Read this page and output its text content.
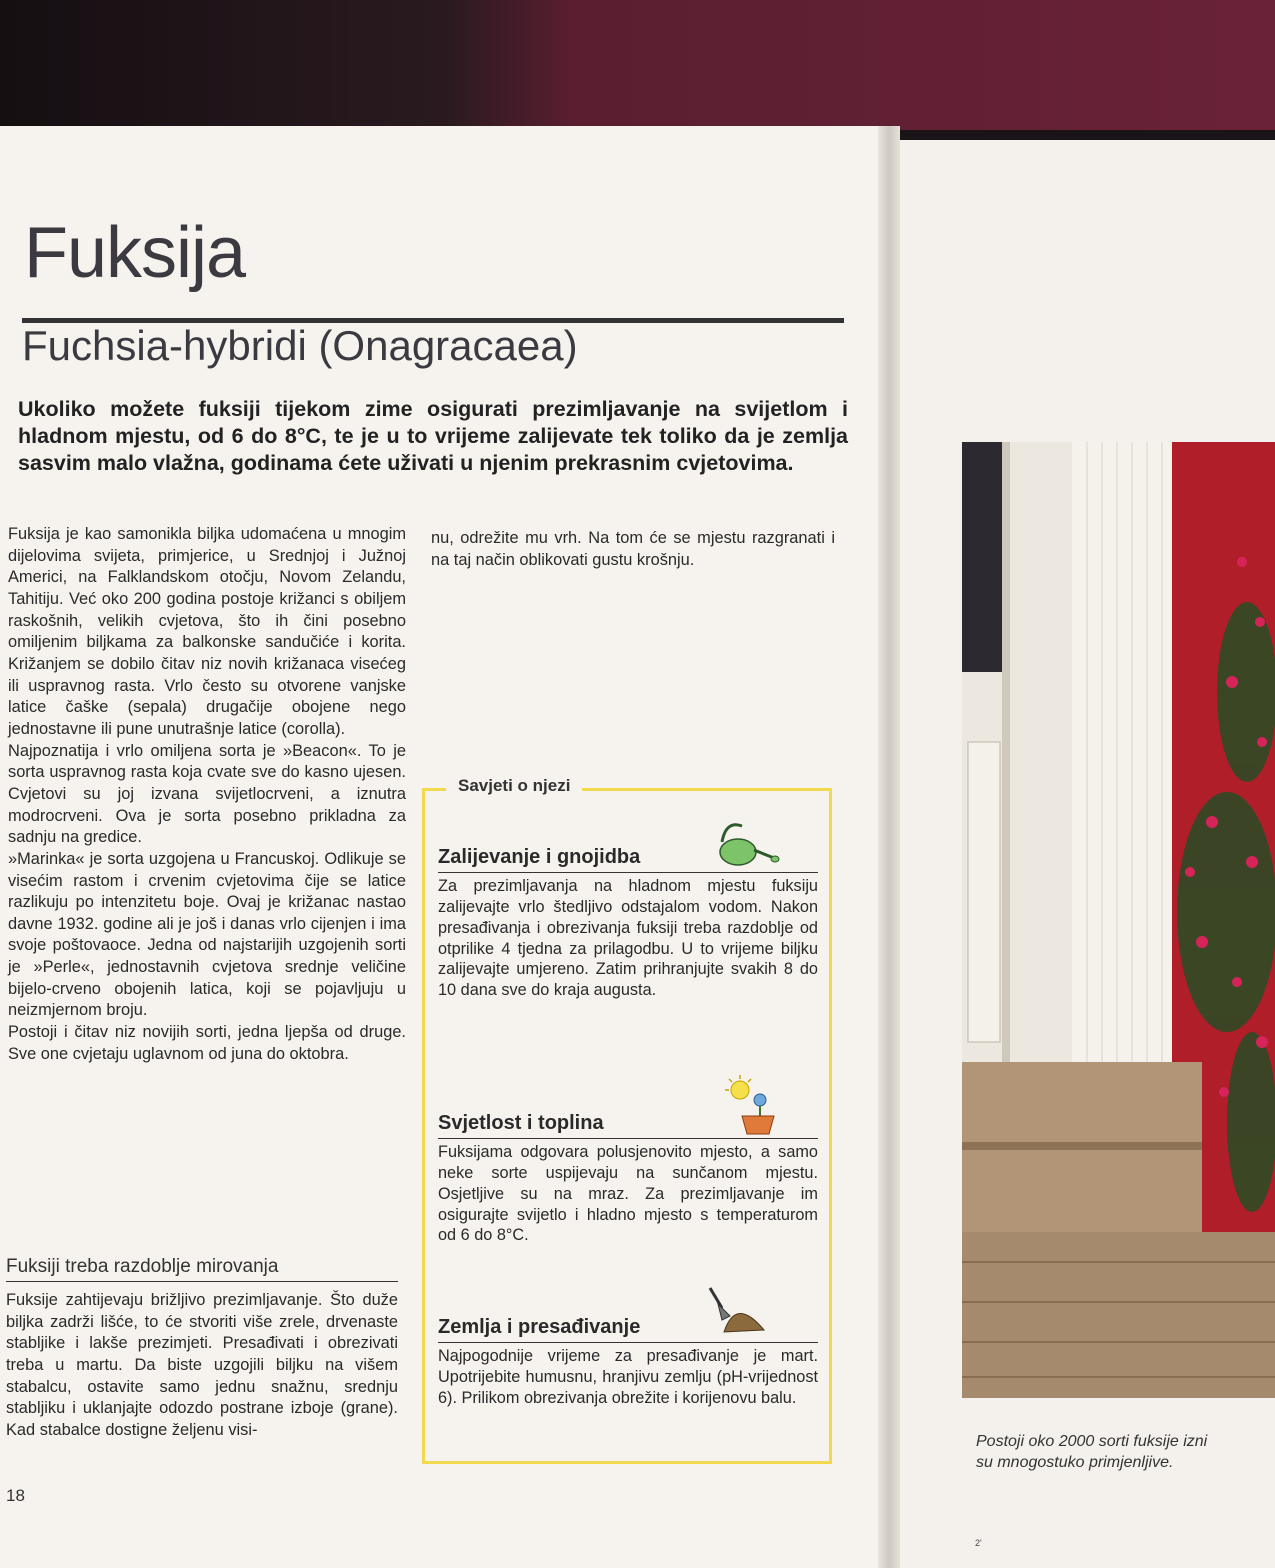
Fuksija
Fuchsia-hybridi (Onagracaea)

Ukoliko možete fuksiji tijekom zime osigurati prezimljavanje na svijetlom i hladnom mjestu, od 6 do 8°C, te je u to vrijeme zalijevate tek toliko da je zemlja sasvim malo vlažna, godinama ćete uživati u njenim prekrasnim cvjetovima.

Fuksija je kao samonikla biljka udomaćena u mnogim dijelovima svijeta, primjerice, u Srednjoj i Južnoj Americi, na Falklandskom otočju, Novom Zelandu, Tahitiju. Već oko 200 godina postoje križanci s obiljem raskošnih, velikih cvjetova, što ih čini posebno omiljenim biljkama za balkonske sandučiće i korita. Križanjem se dobilo čitav niz novih križanaca visećeg ili uspravnog rasta. Vrlo često su otvorene vanjske latice čaške (sepala) drugačije obojene nego jednostavne ili pune unutrašnje latice (corolla).

Najpoznatija i vrlo omiljena sorta je »Beacon«. To je sorta uspravnog rasta koja cvate sve do kasno ujesen. Cvjetovi su joj izvana svijetlocrveni, a iznutra modrocrveni. Ova je sorta posebno prikladna za sadnju na gredice.

»Marinka« je sorta uzgojena u Francuskoj. Odlikuje se visećim rastom i crvenim cvjetovima čije se latice razlikuju po intenzitetu boje. Ovaj je križanac nastao davne 1932. godine ali je još i danas vrlo cijenjen i ima svoje poštovaoce. Jedna od najstarijih uzgojenih sorti je »Perle«, jednostavnih cvjetova srednje veličine bijelo-crveno obojenih latica, koji se pojavljuju u neizmjernom broju.

Postoji i čitav niz novijih sorti, jedna ljepša od druge. Sve one cvjetaju uglavnom od juna do oktobra.

Fuksiji treba razdoblje mirovanja

Fuksije zahtijevaju brižljivo prezimljavanje. Što duže biljka zadrži lišće, to će stvoriti više zrele, drvenaste stabljike i lakše prezimjeti. Presađivati i obrezivati treba u martu. Da biste uzgojili biljku na višem stabalcu, ostavite samo jednu snažnu, srednju stabljiku i uklanjajte odozdo postrane izboje (grane). Kad stabalce dostigne željenu visi-

nu, odrežite mu vrh. Na tom će se mjestu razgranati i na taj način oblikovati gustu krošnju.

Savjeti o njezi
Zalijevanje i gnojidba

Za prezimljavanja na hladnom mjestu fuksiju zalijevajte vrlo štedljivo odstajalom vodom. Nakon presađivanja i obrezivanja fuksiji treba razdoblje od otprilike 4 tjedna za prilagodbu. U to vrijeme biljku zalijevajte umjereno. Zatim prihranjujte svakih 8 do 10 dana sve do kraja augusta.

Svjetlost i toplina

Fuksijama odgovara polusjenovito mjesto, a samo neke sorte uspijevaju na sunčanom mjestu. Osjetljive su na mraz. Za prezimljavanje im osigurajte svijetlo i hladno mjesto s temperaturom od 6 do 8°C.

Zemlja i presađivanje

Najpogodnije vrijeme za presađivanje je mart. Upotrijebite humusnu, hranjivu zemlju (pH-vrijednost 6). Prilikom obrezivanja obrežite i korijenovu balu.

18
Postoji oko 2000 sorti fuksije izni
su mnogostuko primjenljive.
2'
